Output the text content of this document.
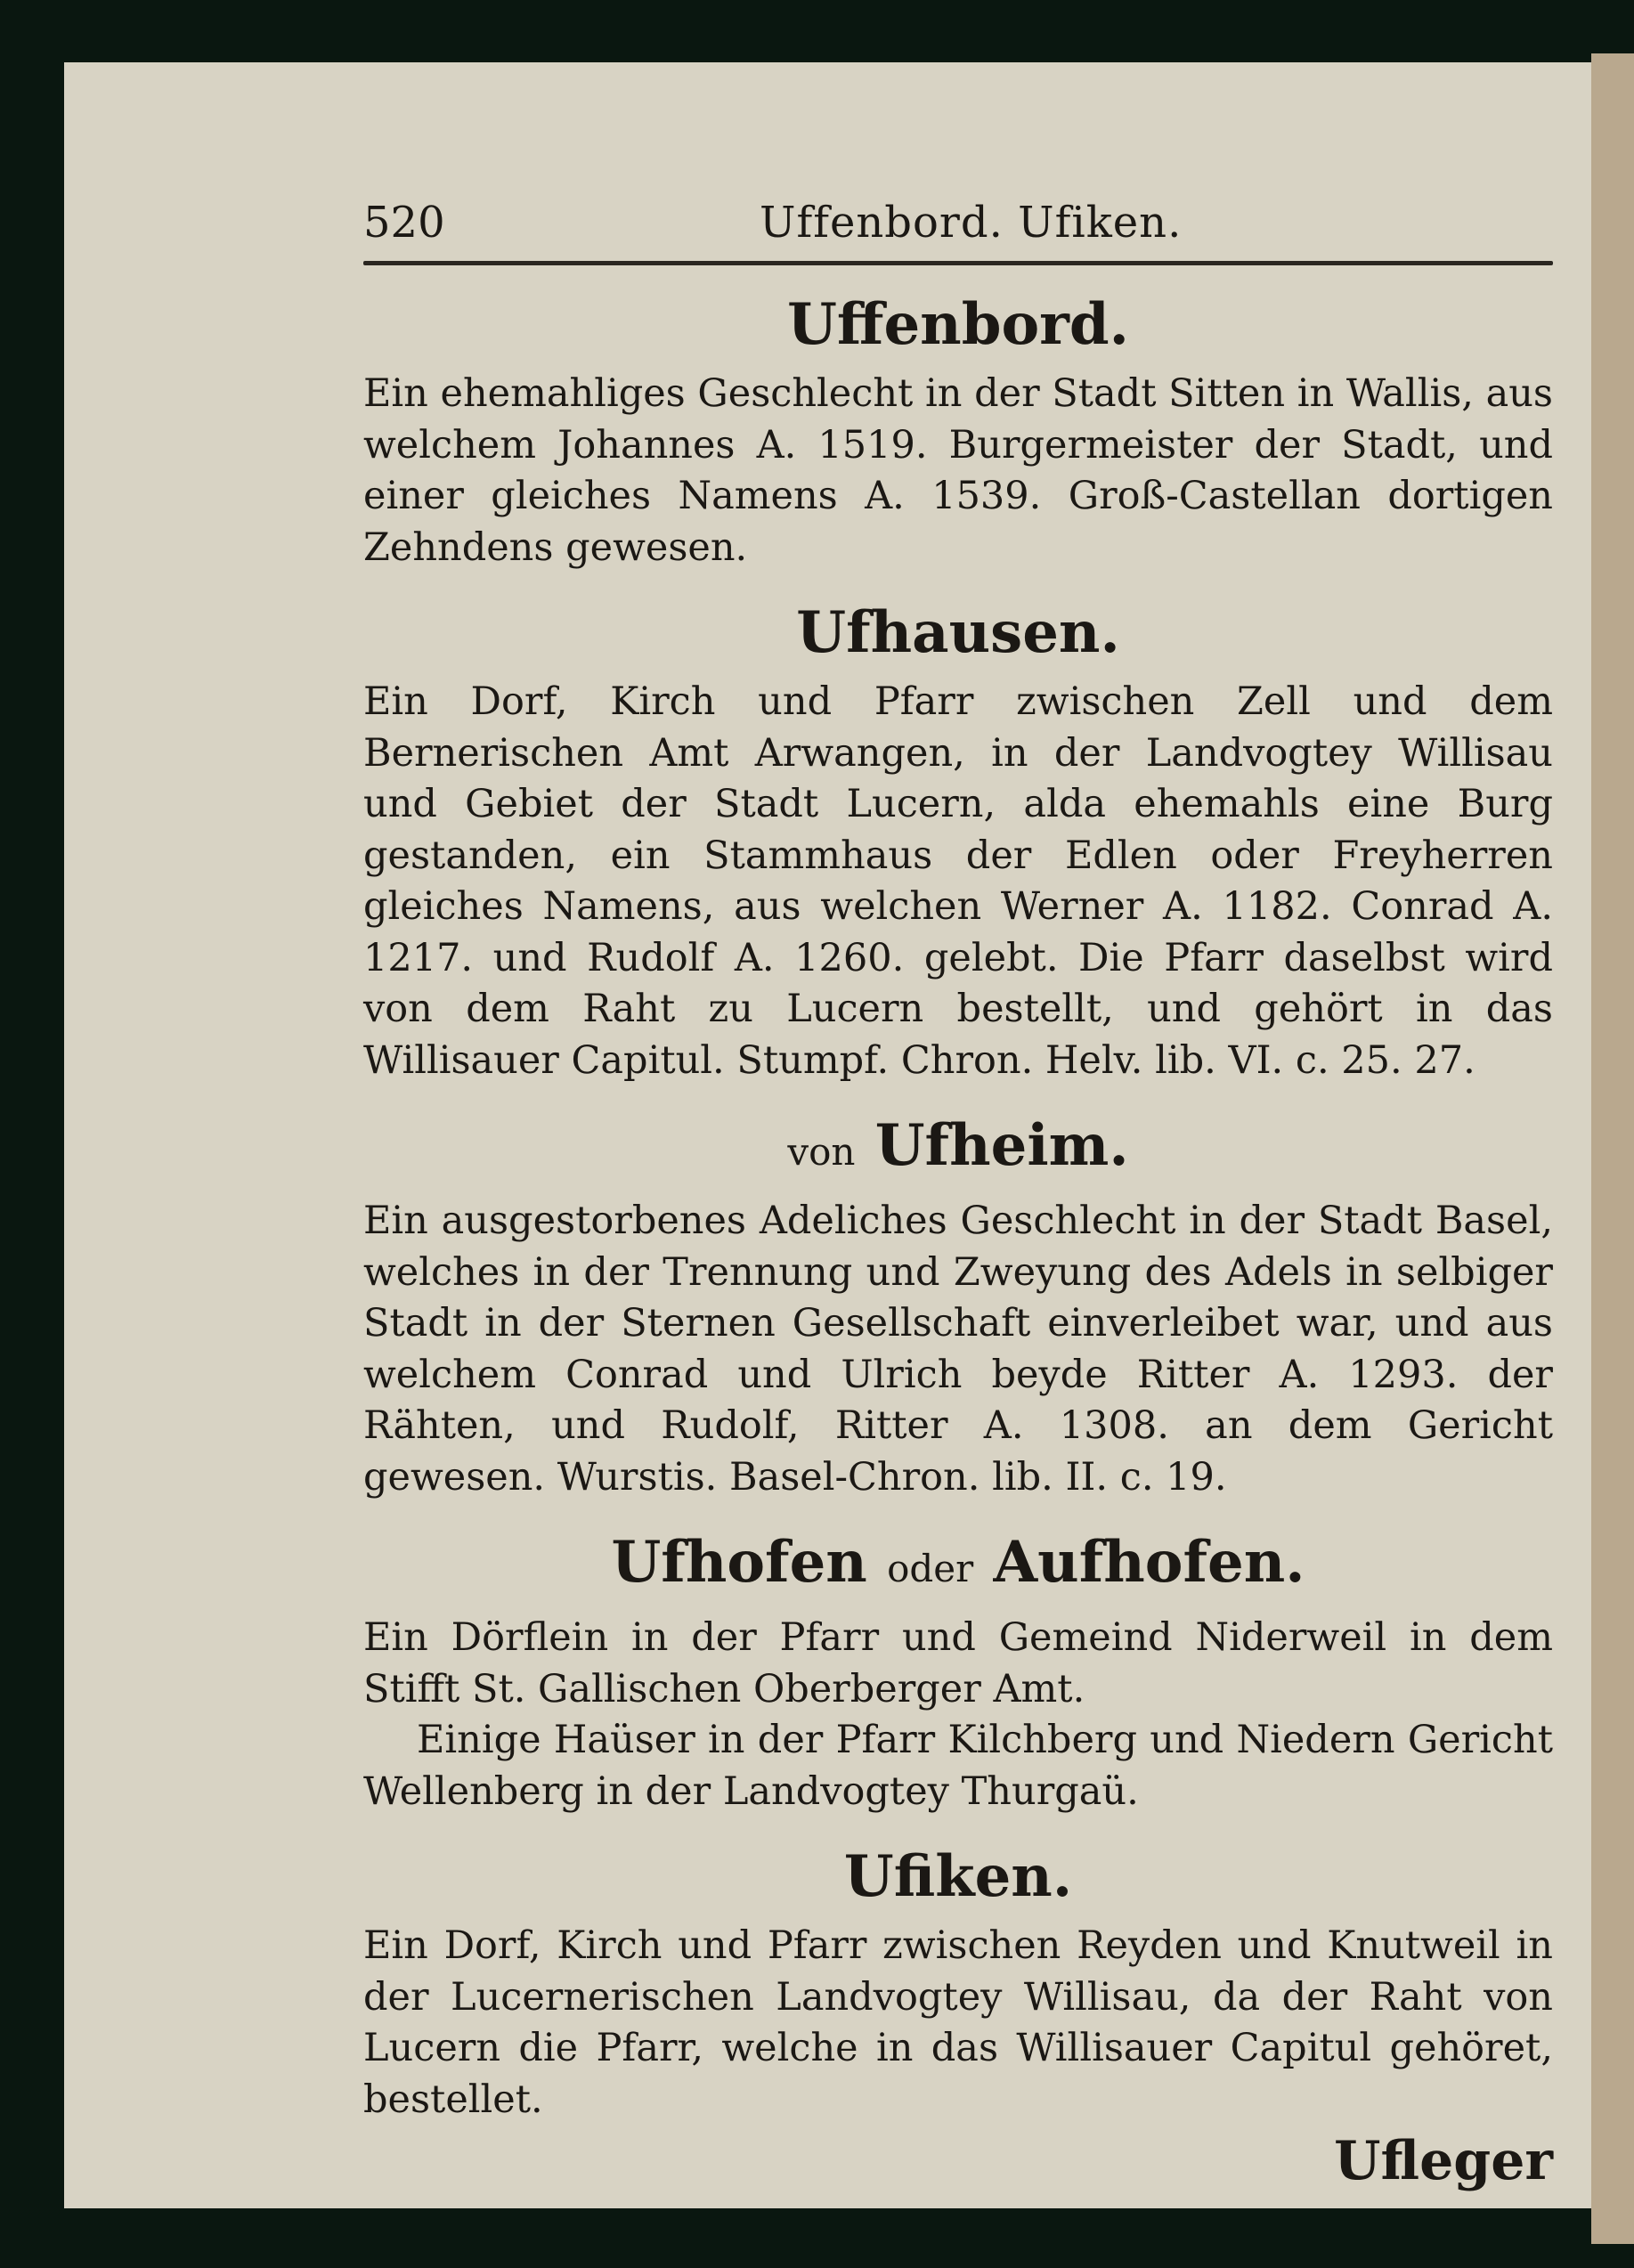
520	Uffenbord. Ufiken.
Uffenbord.

Ein ehemahliges Geschlecht in der Stadt Sitten in Wallis, aus welchem Johannes A. 1519. Burgermeister der Stadt, und einer gleiches Namens A. 1539. Groß-Castellan dortigen Zehndens gewesen.

Ufhausen.

Ein Dorf, Kirch und Pfarr zwischen Zell und dem Bernerischen Amt Arwangen, in der Landvogtey Willisau und Gebiet der Stadt Lucern, alda ehemahls eine Burg gestanden, ein Stammhaus der Edlen oder Freyherren gleiches Namens, aus welchen Werner A. 1182. Conrad A. 1217. und Rudolf A. 1260. gelebt. Die Pfarr daselbst wird von dem Raht zu Lucern bestellt, und gehört in das Willisauer Capitul. Stumpf. Chron. Helv. lib. VI. c. 25. 27.

von Ufheim.

Ein ausgestorbenes Adeliches Geschlecht in der Stadt Basel, welches in der Trennung und Zweyung des Adels in selbiger Stadt in der Sternen Gesellschaft einverleibet war, und aus welchem Conrad und Ulrich beyde Ritter A. 1293. der Rähten, und Rudolf, Ritter A. 1308. an dem Gericht gewesen. Wurstis. Basel-Chron. lib. II. c. 19.

Ufhofen oder Aufhofen.

Ein Dörflein in der Pfarr und Gemeind Niderweil in dem Stifft St. Gallischen Oberberger Amt.

Einige Haüser in der Pfarr Kilchberg und Niedern Gericht Wellenberg in der Landvogtey Thurgaü.

Ufiken.

Ein Dorf, Kirch und Pfarr zwischen Reyden und Knutweil in der Lucernerischen Landvogtey Willisau, da der Raht von Lucern die Pfarr, welche in das Willisauer Capitul gehöret, bestellet.

Ufleger
